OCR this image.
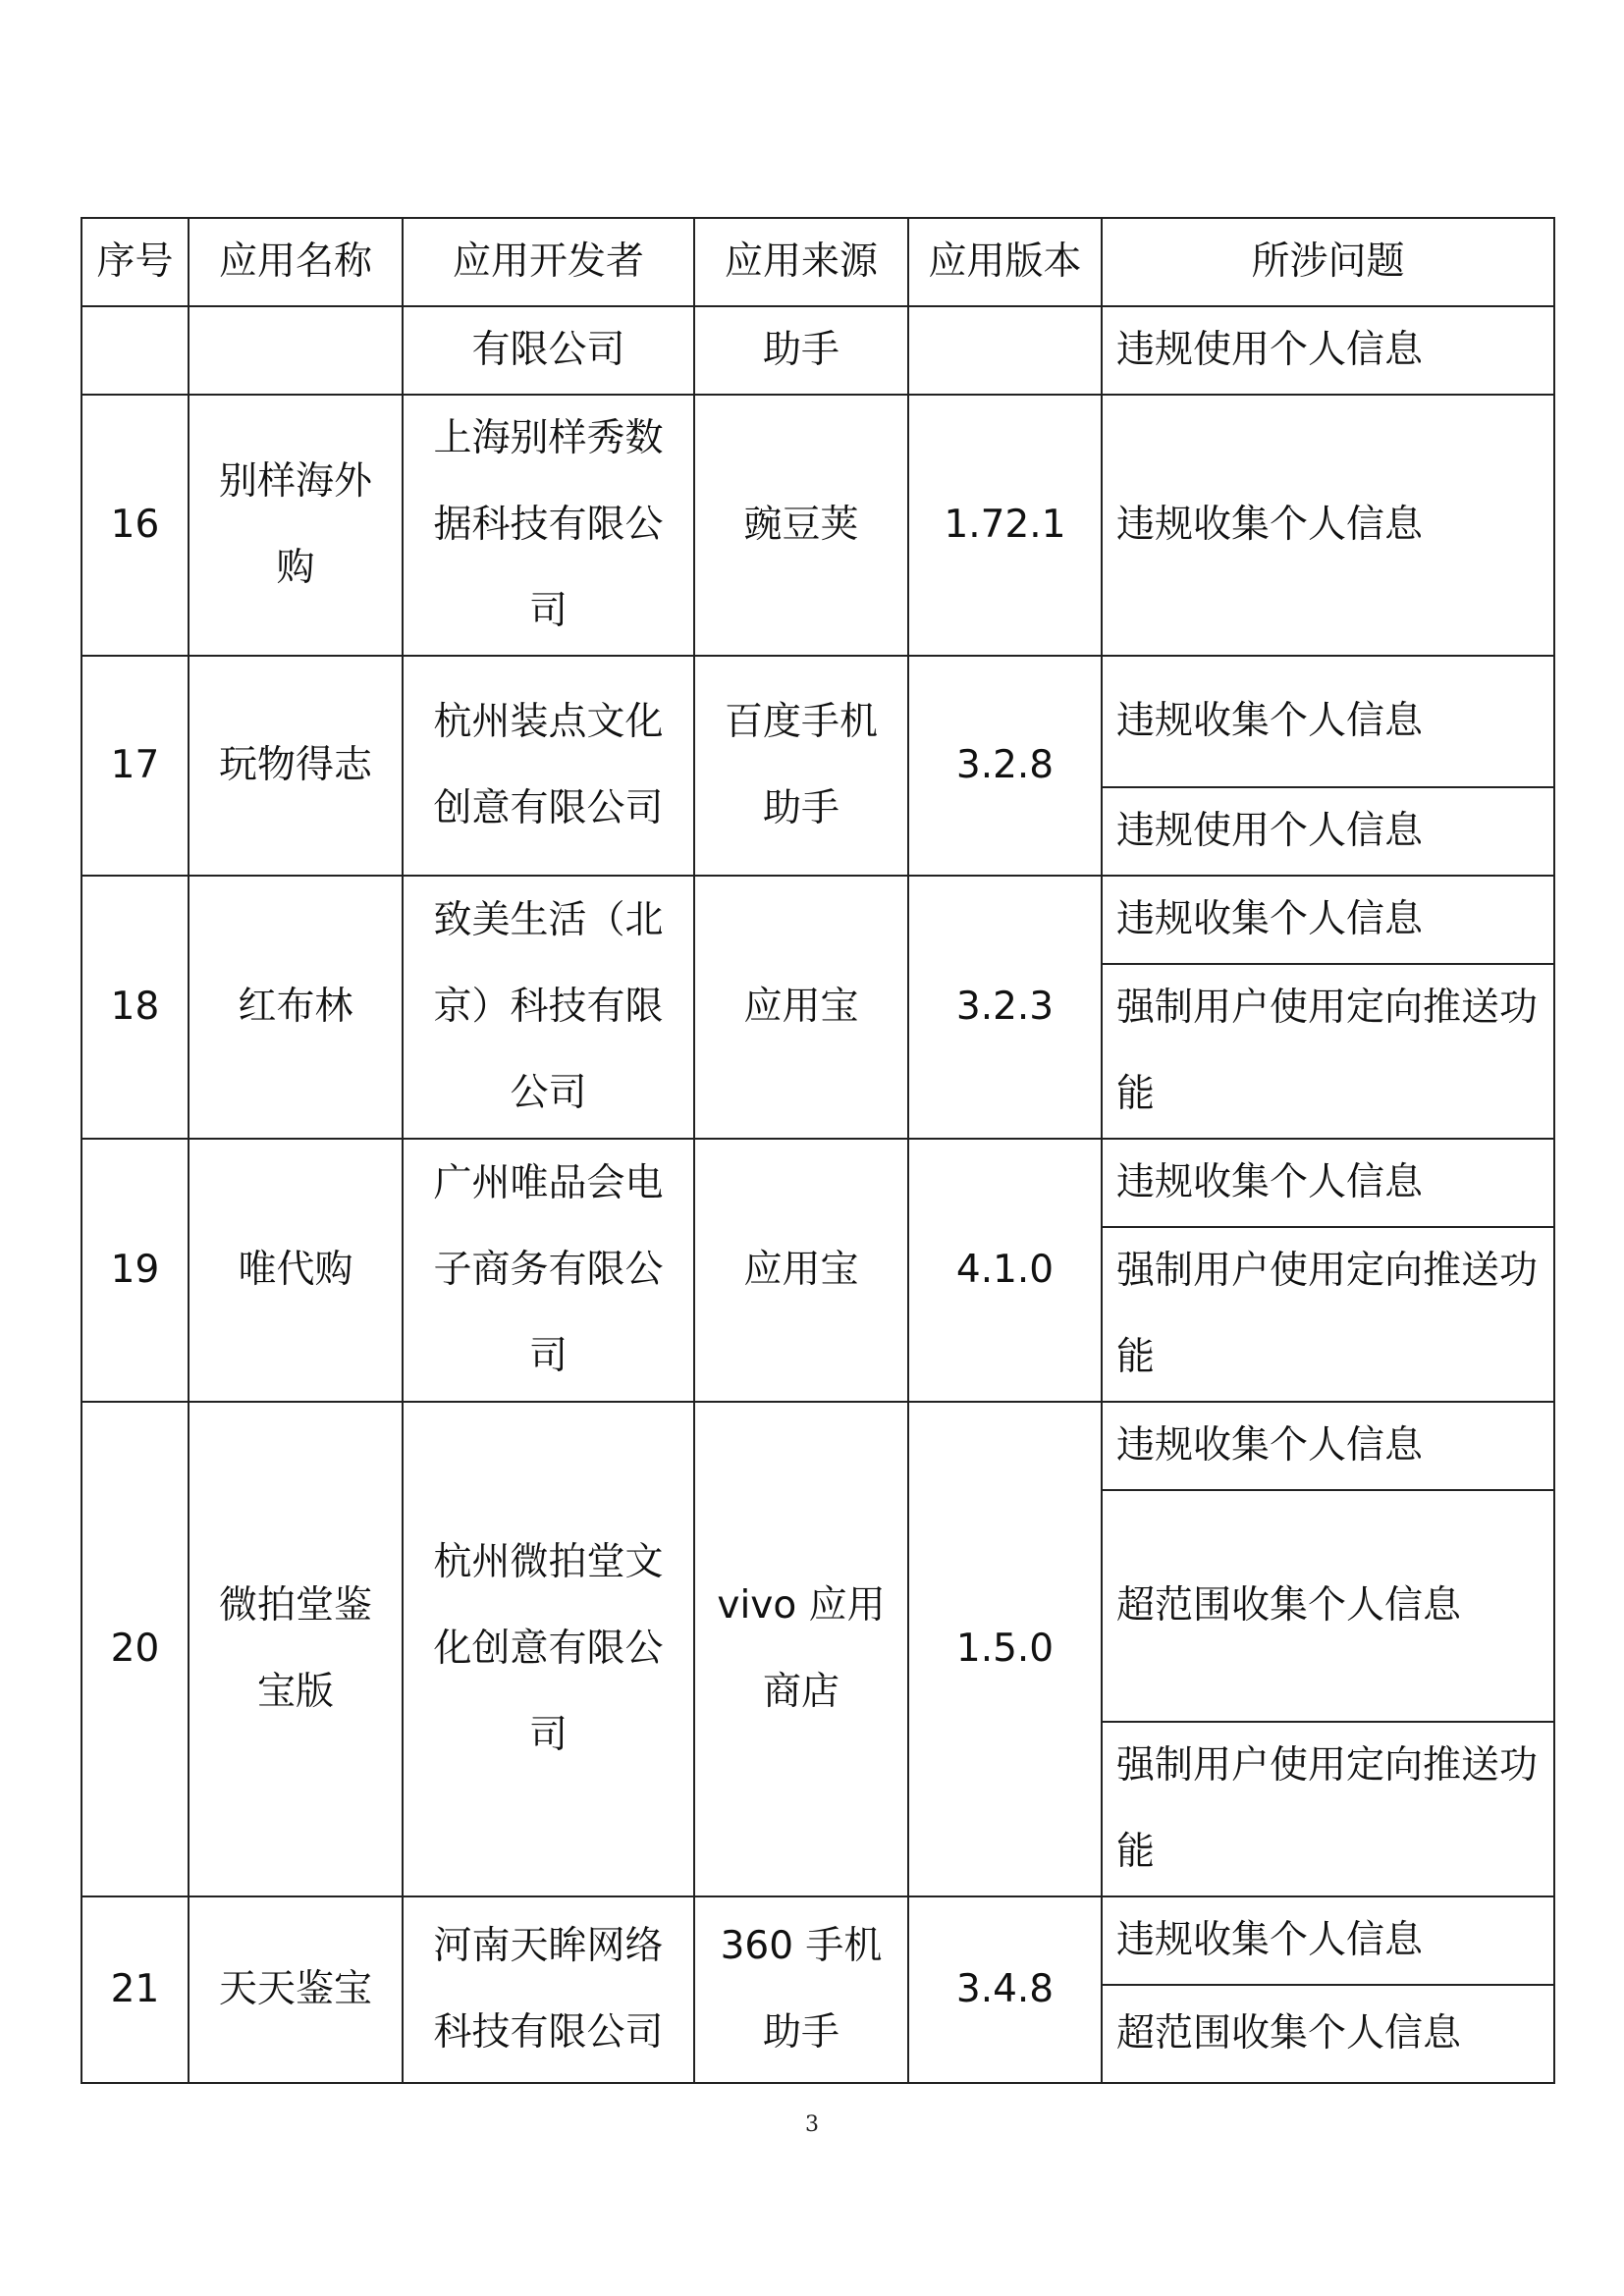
序号	应用名称	应用开发者	应用来源	应用版本	所涉问题
		有限公司	助手		违规使用个人信息
16	别样海外购	上海别样秀数据科技有限公司	豌豆荚	1.72.1	违规收集个人信息
17	玩物得志	杭州装点文化创意有限公司	百度手机助手	3.2.8	违规收集个人信息
					违规使用个人信息
18	红布林	致美生活（北京）科技有限公司	应用宝	3.2.3	违规收集个人信息
					强制用户使用定向推送功能
19	唯代购	广州唯品会电子商务有限公司	应用宝	4.1.0	违规收集个人信息
					强制用户使用定向推送功能
20	微拍堂鉴宝版	杭州微拍堂文化创意有限公司	vivo 应用商店	1.5.0	违规收集个人信息
					超范围收集个人信息
					强制用户使用定向推送功能
21	天天鉴宝	河南天眸网络科技有限公司	360 手机助手	3.4.8	违规收集个人信息
					超范围收集个人信息
3
